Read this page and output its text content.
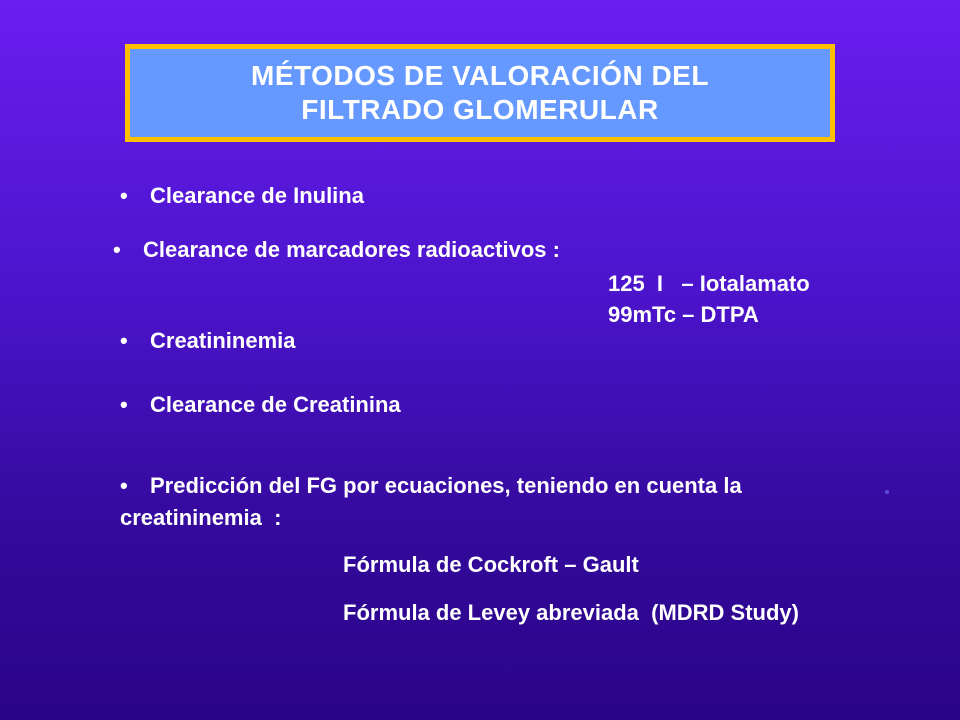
MÉTODOS DE VALORACIÓN DEL
FILTRADO GLOMERULAR
• Clearance de Inulina
• Clearance de marcadores radioactivos :
125  I   – Iotalamato
99mTc – DTPA
• Creatininemia
• Clearance de Creatinina
• Predicción del FG por ecuaciones, teniendo en cuenta la
creatininemia  :
Fórmula de Cockroft – Gault
Fórmula de Levey abreviada  (MDRD Study)
